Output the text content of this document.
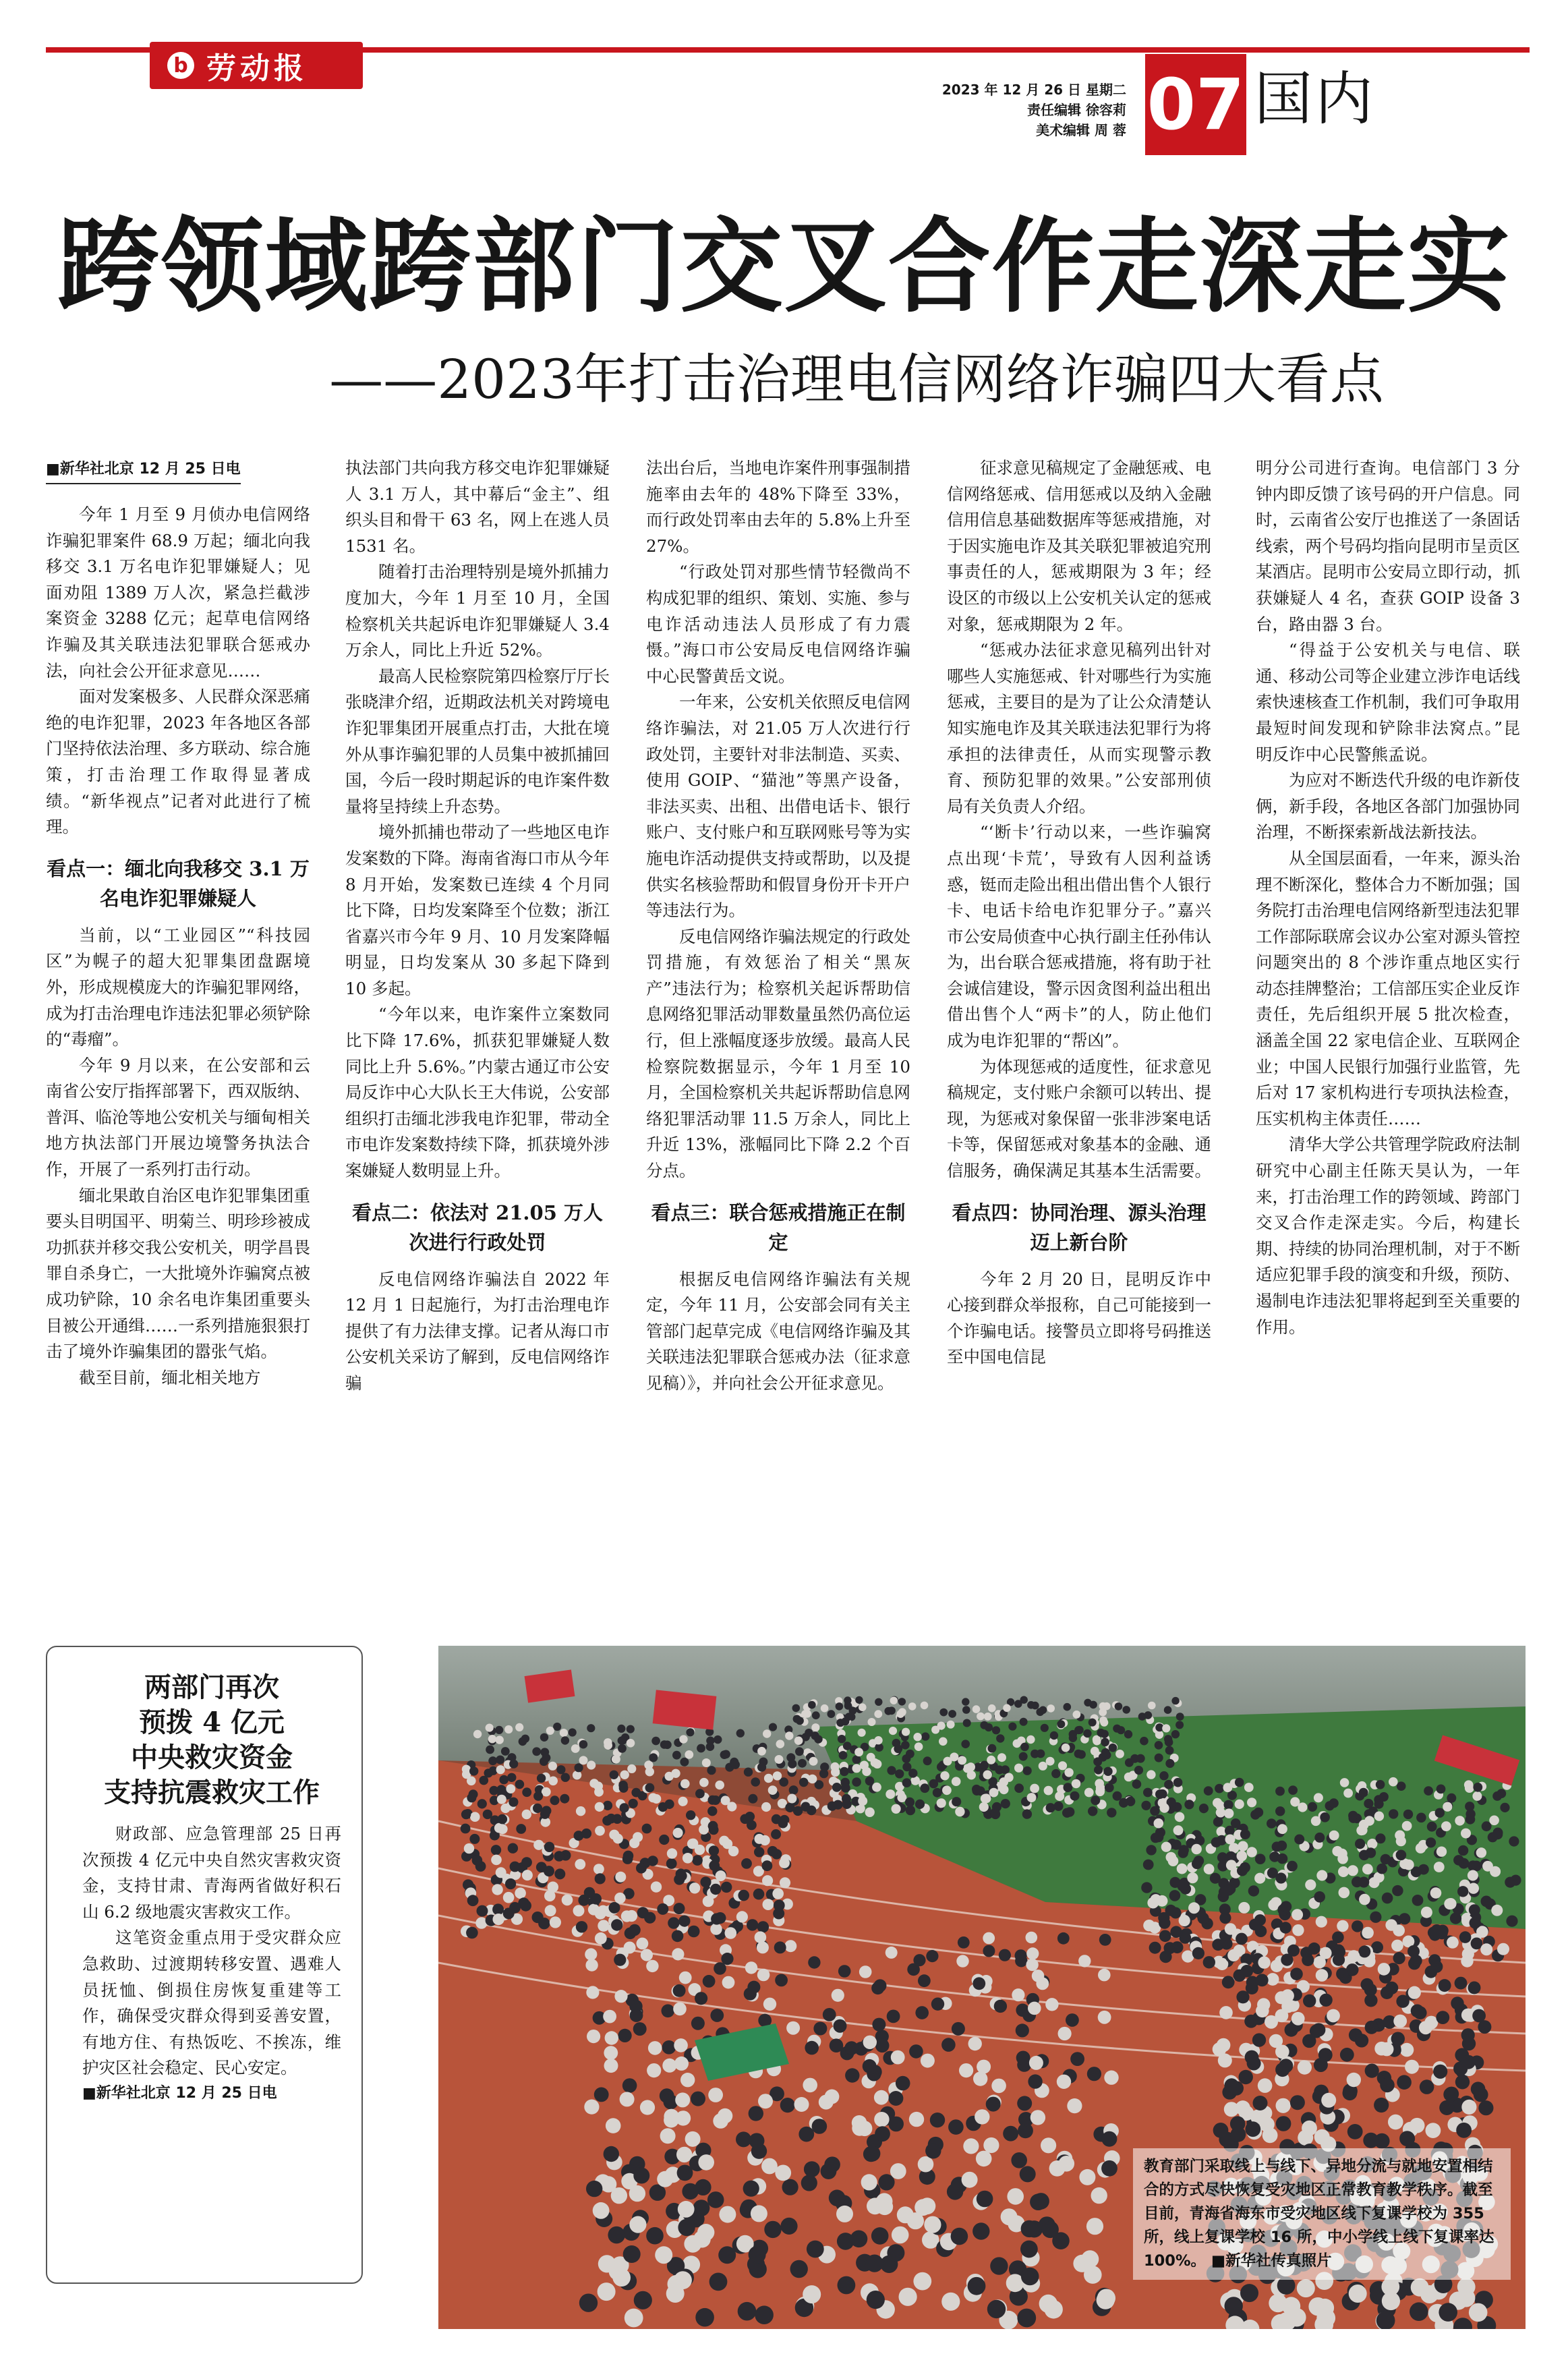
b 劳动报
2023 年 12 月 26 日 星期二
责任编辑 徐容莉
美术编辑 周 蓉 07 国内
跨领域跨部门交叉合作走深走实
——2023年打击治理电信网络诈骗四大看点
■新华社北京 12 月 25 日电

今年 1 月至 9 月侦办电信网络诈骗犯罪案件 68.9 万起；缅北向我移交 3.1 万名电诈犯罪嫌疑人；见面劝阻 1389 万人次，紧急拦截涉案资金 3288 亿元；起草电信网络诈骗及其关联违法犯罪联合惩戒办法，向社会公开征求意见……

面对发案极多、人民群众深恶痛绝的电诈犯罪，2023 年各地区各部门坚持依法治理、多方联动、综合施策，打击治理工作取得显著成绩。“新华视点”记者对此进行了梳理。

看点一：缅北向我移交 3.1 万名电诈犯罪嫌疑人

当前，以“工业园区”“科技园区”为幌子的超大犯罪集团盘踞境外，形成规模庞大的诈骗犯罪网络，成为打击治理电诈违法犯罪必须铲除的“毒瘤”。

今年 9 月以来，在公安部和云南省公安厅指挥部署下，西双版纳、普洱、临沧等地公安机关与缅甸相关地方执法部门开展边境警务执法合作，开展了一系列打击行动。

缅北果敢自治区电诈犯罪集团重要头目明国平、明菊兰、明珍珍被成功抓获并移交我公安机关，明学昌畏罪自杀身亡，一大批境外诈骗窝点被成功铲除，10 余名电诈集团重要头目被公开通缉……一系列措施狠狠打击了境外诈骗集团的嚣张气焰。

截至目前，缅北相关地方

执法部门共向我方移交电诈犯罪嫌疑人 3.1 万人，其中幕后“金主”、组织头目和骨干 63 名，网上在逃人员 1531 名。

随着打击治理特别是境外抓捕力度加大，今年 1 月至 10 月，全国检察机关共起诉电诈犯罪嫌疑人 3.4 万余人，同比上升近 52%。

最高人民检察院第四检察厅厅长张晓津介绍，近期政法机关对跨境电诈犯罪集团开展重点打击，大批在境外从事诈骗犯罪的人员集中被抓捕回国，今后一段时期起诉的电诈案件数量将呈持续上升态势。

境外抓捕也带动了一些地区电诈发案数的下降。海南省海口市从今年 8 月开始，发案数已连续 4 个月同比下降，日均发案降至个位数；浙江省嘉兴市今年 9 月、10 月发案降幅明显，日均发案从 30 多起下降到 10 多起。

“今年以来，电诈案件立案数同比下降 17.6%，抓获犯罪嫌疑人数同比上升 5.6%。”内蒙古通辽市公安局反诈中心大队长王大伟说，公安部组织打击缅北涉我电诈犯罪，带动全市电诈发案数持续下降，抓获境外涉案嫌疑人数明显上升。

看点二：依法对 21.05 万人次进行行政处罚

反电信网络诈骗法自 2022 年 12 月 1 日起施行，为打击治理电诈提供了有力法律支撑。记者从海口市公安机关采访了解到，反电信网络诈骗

法出台后，当地电诈案件刑事强制措施率由去年的 48%下降至 33%，而行政处罚率由去年的 5.8%上升至 27%。

“行政处罚对那些情节轻微尚不构成犯罪的组织、策划、实施、参与电诈活动违法人员形成了有力震慑。”海口市公安局反电信网络诈骗中心民警黄岳文说。

一年来，公安机关依照反电信网络诈骗法，对 21.05 万人次进行行政处罚，主要针对非法制造、买卖、使用 GOIP、“猫池”等黑产设备，非法买卖、出租、出借电话卡、银行账户、支付账户和互联网账号等为实施电诈活动提供支持或帮助，以及提供实名核验帮助和假冒身份开卡开户等违法行为。

反电信网络诈骗法规定的行政处罚措施，有效惩治了相关“黑灰产”违法行为；检察机关起诉帮助信息网络犯罪活动罪数量虽然仍高位运行，但上涨幅度逐步放缓。最高人民检察院数据显示，今年 1 月至 10 月，全国检察机关共起诉帮助信息网络犯罪活动罪 11.5 万余人，同比上升近 13%，涨幅同比下降 2.2 个百分点。

看点三：联合惩戒措施正在制定

根据反电信网络诈骗法有关规定，今年 11 月，公安部会同有关主管部门起草完成《电信网络诈骗及其关联违法犯罪联合惩戒办法（征求意见稿）》，并向社会公开征求意见。

征求意见稿规定了金融惩戒、电信网络惩戒、信用惩戒以及纳入金融信用信息基础数据库等惩戒措施，对于因实施电诈及其关联犯罪被追究刑事责任的人，惩戒期限为 3 年；经设区的市级以上公安机关认定的惩戒对象，惩戒期限为 2 年。

“惩戒办法征求意见稿列出针对哪些人实施惩戒、针对哪些行为实施惩戒，主要目的是为了让公众清楚认知实施电诈及其关联违法犯罪行为将承担的法律责任，从而实现警示教育、预防犯罪的效果。”公安部刑侦局有关负责人介绍。

“‘断卡’行动以来，一些诈骗窝点出现‘卡荒’，导致有人因利益诱惑，铤而走险出租出借出售个人银行卡、电话卡给电诈犯罪分子。”嘉兴市公安局侦查中心执行副主任孙伟认为，出台联合惩戒措施，将有助于社会诚信建设，警示因贪图利益出租出借出售个人“两卡”的人，防止他们成为电诈犯罪的“帮凶”。

为体现惩戒的适度性，征求意见稿规定，支付账户余额可以转出、提现，为惩戒对象保留一张非涉案电话卡等，保留惩戒对象基本的金融、通信服务，确保满足其基本生活需要。

看点四：协同治理、源头治理迈上新台阶

今年 2 月 20 日，昆明反诈中心接到群众举报称，自己可能接到一个诈骗电话。接警员立即将号码推送至中国电信昆

明分公司进行查询。电信部门 3 分钟内即反馈了该号码的开户信息。同时，云南省公安厅也推送了一条固话线索，两个号码均指向昆明市呈贡区某酒店。昆明市公安局立即行动，抓获嫌疑人 4 名，查获 GOIP 设备 3 台，路由器 3 台。

“得益于公安机关与电信、联通、移动公司等企业建立涉诈电话线索快速核查工作机制，我们可争取用最短时间发现和铲除非法窝点。”昆明反诈中心民警熊孟说。

为应对不断迭代升级的电诈新伎俩，新手段，各地区各部门加强协同治理，不断探索新战法新技法。

从全国层面看，一年来，源头治理不断深化，整体合力不断加强；国务院打击治理电信网络新型违法犯罪工作部际联席会议办公室对源头管控问题突出的 8 个涉诈重点地区实行动态挂牌整治；工信部压实企业反诈责任，先后组织开展 5 批次检查，涵盖全国 22 家电信企业、互联网企业；中国人民银行加强行业监管，先后对 17 家机构进行专项执法检查，压实机构主体责任……

清华大学公共管理学院政府法制研究中心副主任陈天昊认为，一年来，打击治理工作的跨领域、跨部门交叉合作走深走实。今后，构建长期、持续的协同治理机制，对于不断适应犯罪手段的演变和升级，预防、遏制电诈违法犯罪将起到至关重要的作用。

两部门再次
预拨 4 亿元
中央救灾资金
支持抗震救灾工作

财政部、应急管理部 25 日再次预拨 4 亿元中央自然灾害救灾资金，支持甘肃、青海两省做好积石山 6.2 级地震灾害救灾工作。

这笔资金重点用于受灾群众应急救助、过渡期转移安置、遇难人员抚恤、倒损住房恢复重建等工作，确保受灾群众得到妥善安置，有地方住、有热饭吃、不挨冻，维护灾区社会稳定、民心安定。

■新华社北京 12 月 25 日电

教育部门采取线上与线下、异地分流与就地安置相结合的方式尽快恢复受灾地区正常教育教学秩序。截至目前，青海省海东市受灾地区线下复课学校为 355 所，线上复课学校 16 所，中小学线上线下复课率达 100%。 ■新华社传真照片
